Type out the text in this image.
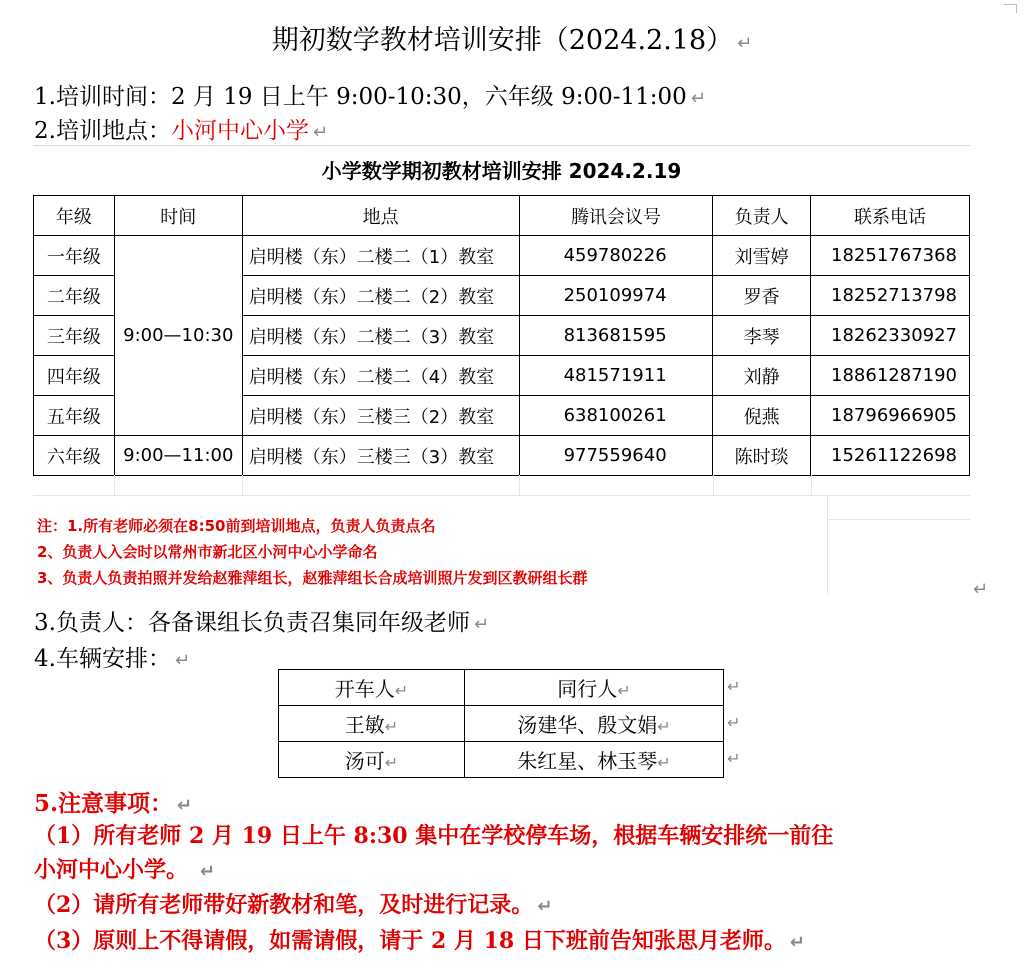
期初数学教材培训安排（2024.2.18） ↵
1.培训时间：2 月 19 日上午 9:00-10:30，六年级 9:00-11:00 ↵
2.培训地点：小河中心小学 ↵
小学数学期初教材培训安排 2024.2.19
年级	时间	地点	腾讯会议号	负责人	联系电话
一年级	9:00—10:30	启明楼（东）二楼二（1）教室	459780226	刘雪婷	18251767368
二年级		启明楼（东）二楼二（2）教室	250109974	罗香	18252713798
三年级		启明楼（东）二楼二（3）教室	813681595	李琴	18262330927
四年级		启明楼（东）二楼二（4）教室	481571911	刘静	18861287190
五年级		启明楼（东）三楼三（2）教室	638100261	倪燕	18796966905
六年级	9:00—11:00	启明楼（东）三楼三（3）教室	977559640	陈时琰	15261122698
注：1.所有老师必须在8:50前到培训地点，负责人负责点名
2、负责人入会时以常州市新北区小河中心小学命名
3、负责人负责拍照并发给赵雅萍组长，赵雅萍组长合成培训照片发到区教研组长群
↵
3.负责人：各备课组长负责召集同年级老师 ↵
4.车辆安排： ↵
开车人↵	同行人↵
王敏↵	汤建华、殷文娟↵
汤可↵	朱红星、林玉琴↵
↵
↵
↵
5.注意事项： ↵
（1）所有老师 2 月 19 日上午 8:30 集中在学校停车场，根据车辆安排统一前往
小河中心小学。 ↵
（2）请所有老师带好新教材和笔，及时进行记录。 ↵
（3）原则上不得请假，如需请假，请于 2 月 18 日下班前告知张思月老师。 ↵
